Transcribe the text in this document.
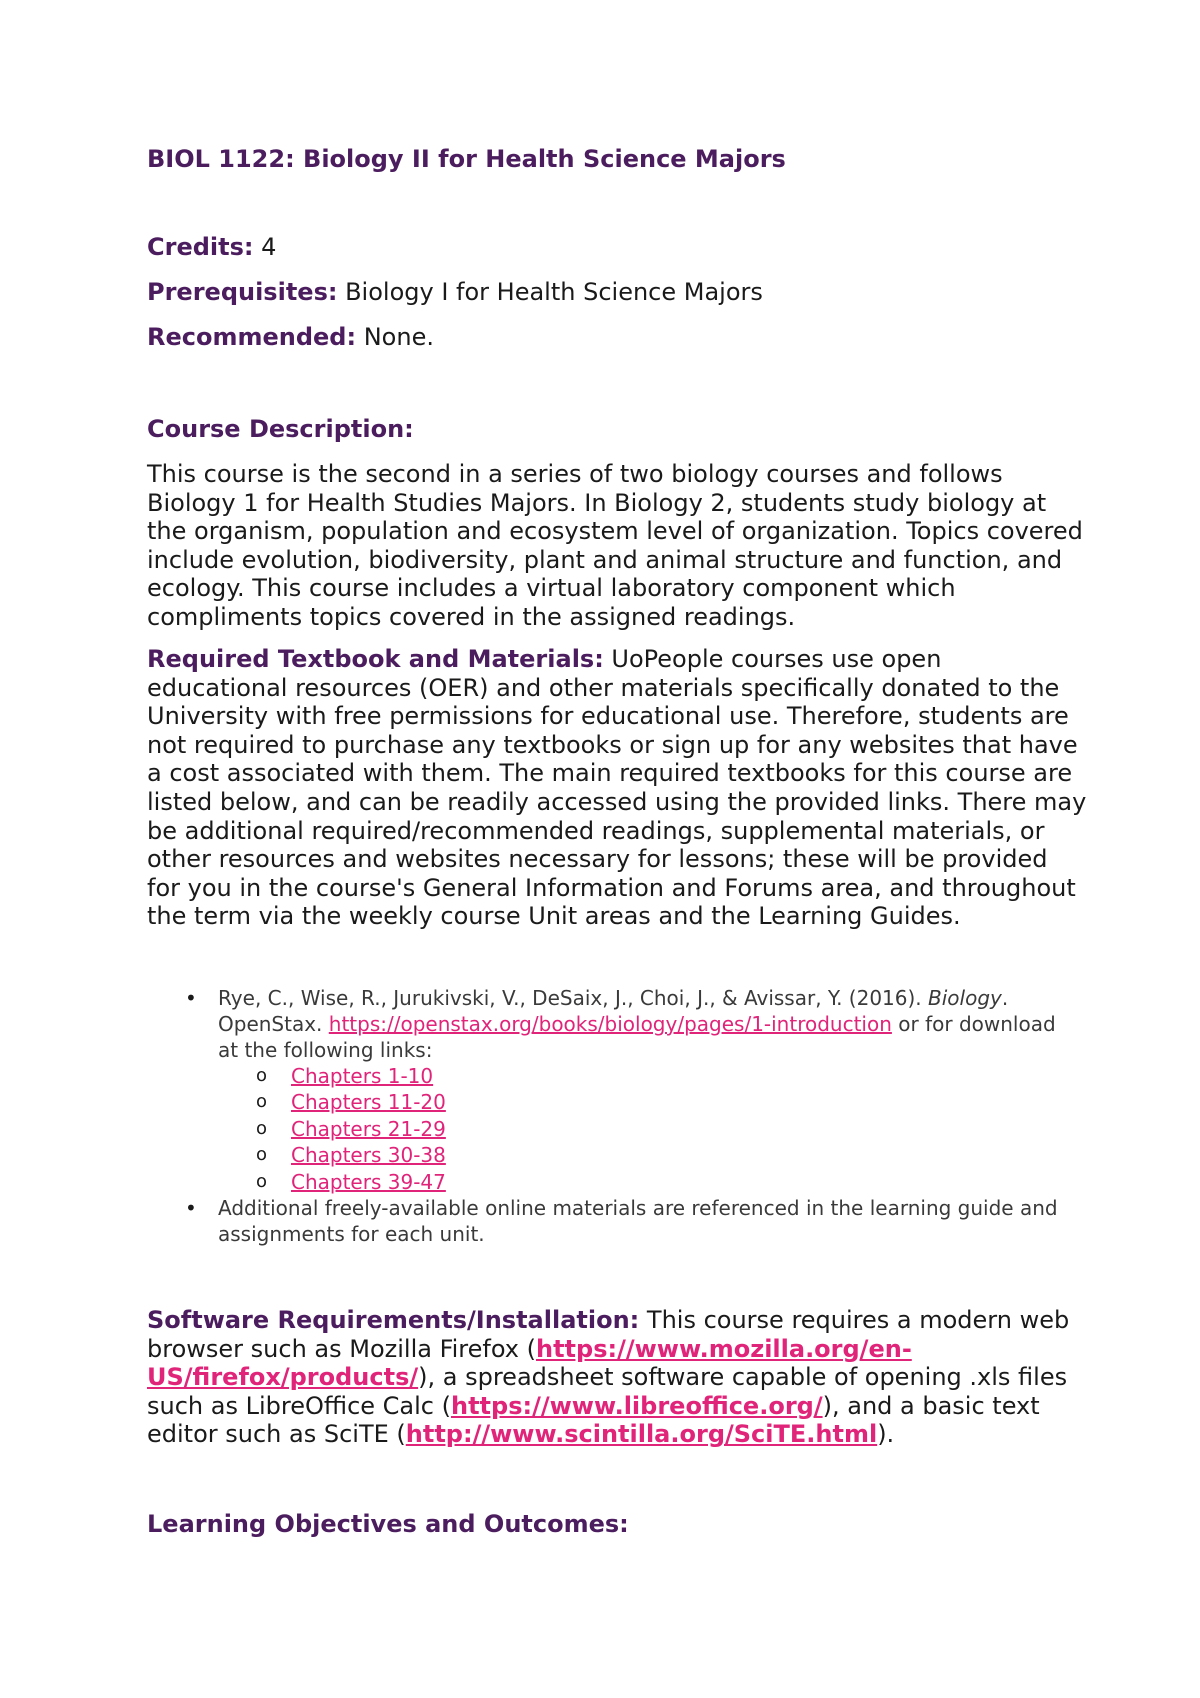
BIOL 1122: Biology II for Health Science Majors

Credits: 4

Prerequisites: Biology I for Health Science Majors

Recommended: None.

Course Description:

This course is the second in a series of two biology courses and follows Biology 1 for Health Studies Majors. In Biology 2, students study biology at the organism, population and ecosystem level of organization. Topics covered include evolution, biodiversity, plant and animal structure and function, and ecology. This course includes a virtual laboratory component which compliments topics covered in the assigned readings.

Required Textbook and Materials: UoPeople courses use open educational resources (OER) and other materials specifically donated to the University with free permissions for educational use. Therefore, students are not required to purchase any textbooks or sign up for any websites that have a cost associated with them. The main required textbooks for this course are listed below, and can be readily accessed using the provided links. There may be additional required/recommended readings, supplemental materials, or other resources and websites necessary for lessons; these will be provided for you in the course's General Information and Forums area, and throughout the term via the weekly course Unit areas and the Learning Guides.

• Rye, C., Wise, R., Jurukivski, V., DeSaix, J., Choi, J., & Avissar, Y. (2016). Biology. OpenStax. https://openstax.org/books/biology/pages/1-introduction or for download at the following links:
o Chapters 1-10
o Chapters 11-20
o Chapters 21-29
o Chapters 30-38
o Chapters 39-47
• Additional freely-available online materials are referenced in the learning guide and assignments for each unit.

Software Requirements/Installation: This course requires a modern web browser such as Mozilla Firefox (https://www.mozilla.org/en-US/firefox/products/), a spreadsheet software capable of opening .xls files such as LibreOffice Calc (https://www.libreoffice.org/), and a basic text editor such as SciTE (http://www.scintilla.org/SciTE.html).

Learning Objectives and Outcomes:
